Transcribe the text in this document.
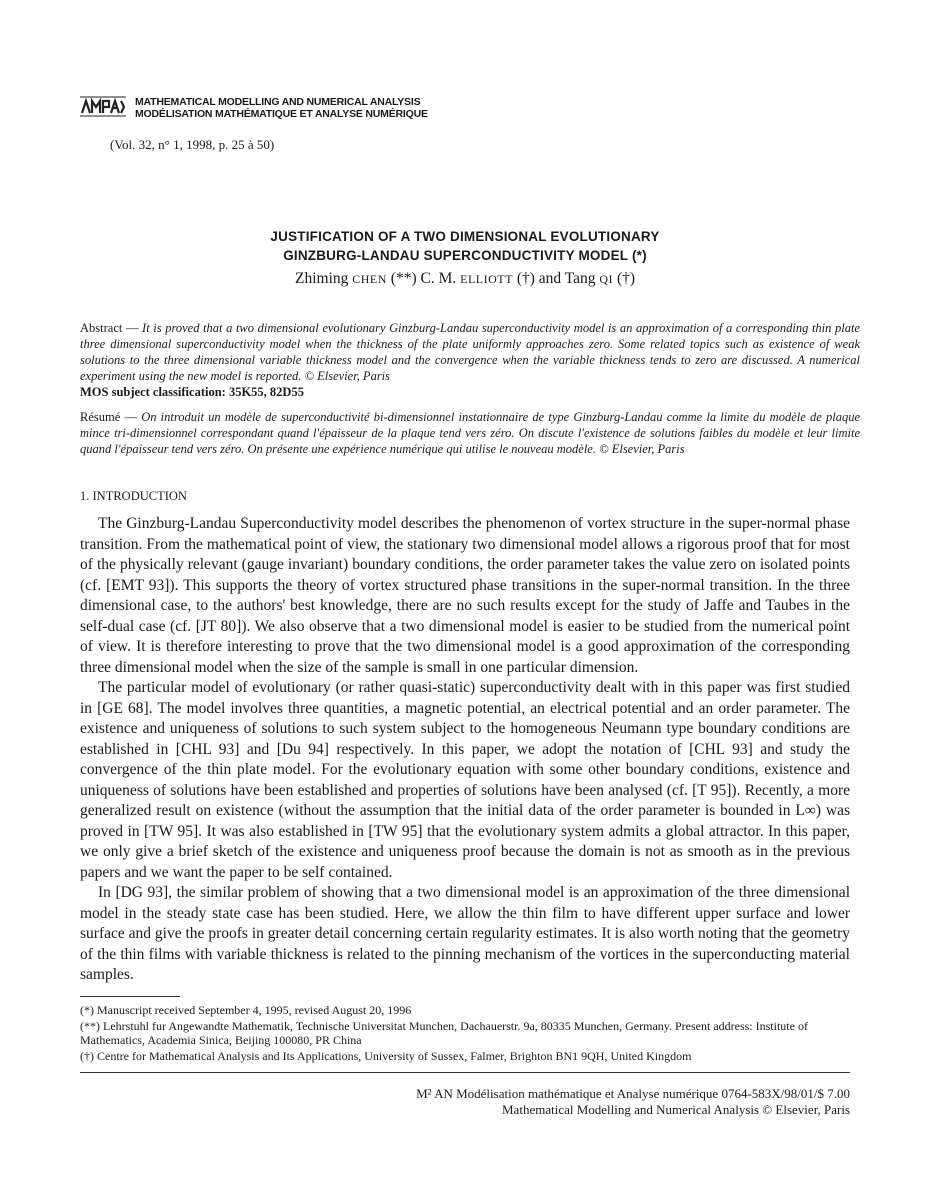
MATHEMATICAL MODELLING AND NUMERICAL ANALYSIS
MODÉLISATION MATHÉMATIQUE ET ANALYSE NUMÉRIQUE
(Vol. 32, n° 1, 1998, p. 25 à 50)
JUSTIFICATION OF A TWO DIMENSIONAL EVOLUTIONARY
GINZBURG-LANDAU SUPERCONDUCTIVITY MODEL (*)
Zhiming CHEN (**) C. M. ELLIOTT (†) and Tang QI (†)
Abstract — It is proved that a two dimensional evolutionary Ginzburg-Landau superconductivity model is an approximation of a corresponding thin plate three dimensional superconductivity model when the thickness of the plate uniformly approaches zero. Some related topics such as existence of weak solutions to the three dimensional variable thickness model and the convergence when the variable thickness tends to zero are discussed. A numerical experiment using the new model is reported. © Elsevier, Paris
MOS subject classification: 35K55, 82D55
Résumé — On introduit un modèle de superconductivité bi-dimensionnel instationnaire de type Ginzburg-Landau comme la limite du modèle de plaque mince tri-dimensionnel correspondant quand l'épaisseur de la plaque tend vers zéro. On discute l'existence de solutions faibles du modèle et leur limite quand l'épaisseur tend vers zéro. On présente une expérience numérique qui utilise le nouveau modèle. © Elsevier, Paris
1. INTRODUCTION

The Ginzburg-Landau Superconductivity model describes the phenomenon of vortex structure in the super-normal phase transition. From the mathematical point of view, the stationary two dimensional model allows a rigorous proof that for most of the physically relevant (gauge invariant) boundary conditions, the order parameter takes the value zero on isolated points (cf. [EMT 93]). This supports the theory of vortex structured phase transitions in the super-normal transition. In the three dimensional case, to the authors' best knowledge, there are no such results except for the study of Jaffe and Taubes in the self-dual case (cf. [JT 80]). We also observe that a two dimensional model is easier to be studied from the numerical point of view. It is therefore interesting to prove that the two dimensional model is a good approximation of the corresponding three dimensional model when the size of the sample is small in one particular dimension.

The particular model of evolutionary (or rather quasi-static) superconductivity dealt with in this paper was first studied in [GE 68]. The model involves three quantities, a magnetic potential, an electrical potential and an order parameter. The existence and uniqueness of solutions to such system subject to the homogeneous Neumann type boundary conditions are established in [CHL 93] and [Du 94] respectively. In this paper, we adopt the notation of [CHL 93] and study the convergence of the thin plate model. For the evolutionary equation with some other boundary conditions, existence and uniqueness of solutions have been established and properties of solutions have been analysed (cf. [T 95]). Recently, a more generalized result on existence (without the assumption that the initial data of the order parameter is bounded in L∞) was proved in [TW 95]. It was also established in [TW 95] that the evolutionary system admits a global attractor. In this paper, we only give a brief sketch of the existence and uniqueness proof because the domain is not as smooth as in the previous papers and we want the paper to be self contained.

In [DG 93], the similar problem of showing that a two dimensional model is an approximation of the three dimensional model in the steady state case has been studied. Here, we allow the thin film to have different upper surface and lower surface and give the proofs in greater detail concerning certain regularity estimates. It is also worth noting that the geometry of the thin films with variable thickness is related to the pinning mechanism of the vortices in the superconducting material samples.

(*) Manuscript received September 4, 1995, revised August 20, 1996

(**) Lehrstuhl fur Angewandte Mathematik, Technische Universitat Munchen, Dachauerstr. 9a, 80335 Munchen, Germany. Present address: Institute of Mathematics, Academia Sinica, Beijing 100080, PR China

(†) Centre for Mathematical Analysis and Its Applications, University of Sussex, Falmer, Brighton BN1 9QH, United Kingdom

M² AN Modélisation mathématique et Analyse numérique 0764-583X/98/01/$ 7.00
Mathematical Modelling and Numerical Analysis © Elsevier, Paris
